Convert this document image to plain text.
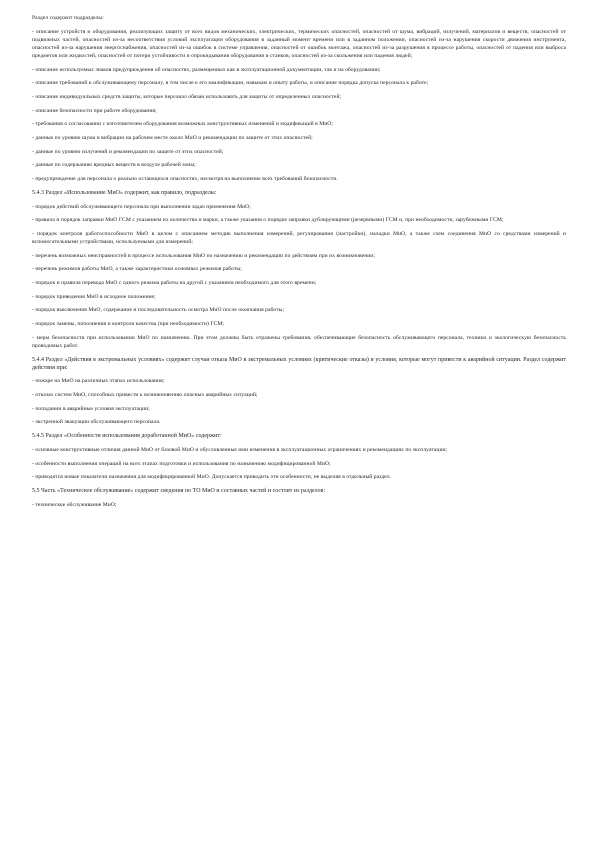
Раздел содержит подразделы:

- описание устройств и оборудования, реализующих защиту от всех видов механических, электрических, термических опасностей, опасностей от шума, вибраций, излучений, материалов и веществ, опасностей от подвижных частей, опасностей из-за несоответствия условий эксплуатации оборудования в заданный момент времени или в заданном положении, опасностей из-за нарушения скорости движения инструмента, опасностей из-за нарушения энергоснабжения, опасностей из-за ошибок в системе управления, опасностей от ошибок монтажа, опасностей из-за разрушения в процессе работы, опасностей от падения или выброса предметов или жидкостей, опасностей от потери устойчивости и опрокидывания оборудования и станков, опасностей из-за скольжения или падения людей;

- описание используемых знаков предупреждения об опасностях, размещенных как в эксплуатационной документации, так и на оборудовании;

- описание требований к обслуживающему персоналу, в том числе к его квалификации, навыкам и опыту работы, и описание порядка допуска персонала к работе;

- описание индивидуальных средств защиты, которые персонал обязан использовать для защиты от определенных опасностей;

- описание безопасности при работе оборудования;

- требования о согласовании с изготовителем оборудования возможных конструктивных изменений и модификаций в МиО;

- данные по уровню шума и вибрации на рабочем месте около МиО и рекомендации по защите от этих опасностей;

- данные по уровню излучений и рекомендации по защите от этих опасностей;

- данные по содержанию вредных веществ в воздухе рабочей зоны;

- предупреждение для персонала о реально остающихся опасностях, несмотря на выполнение всех требований безопасности.

5.4.3 Раздел «Использование МиО» содержит, как правило, подразделы:

- порядок действий обслуживающего персонала при выполнении задач применения МиО;

- правила и порядок заправки МиО ГСМ с указанием их количества и марки, а также указания о порядке заправки дублирующими (резервными) ГСМ и, при необходимости, зарубежными ГСМ;

- порядок контроля работоспособности МиО в целом с описанием методик выполнения измерений, регулирования (настройки), наладки МиО, а также схем соединения МиО со средствами измерений и вспомогательными устройствами, используемыми для измерений;

- перечень возможных неисправностей в процессе использования МиО по назначению и рекомендации по действиям при их возникновении;

- перечень режимов работы МиО, а также характеристики основных режимов работы;

- порядок и правила перевода МиО с одного режима работы на другой с указанием необходимого для этого времени;

- порядок приведения МиО в исходное положение;

- порядок выключения МиО, содержание и последовательность осмотра МиО после окончания работы;

- порядок замены, пополнения и контроля качества (при необходимости) ГСМ;

- меры безопасности при использовании МиО по назначению. При этом должны быть отражены требования, обеспечивающие безопасность обслуживающего персонала, техники и экологическую безопасность проводимых работ.

5.4.4 Раздел «Действия в экстремальных условиях» содержит случаи отказа МиО в экстремальных условиях (критические отказы) и условия, которые могут привести к аварийной ситуации. Раздел содержит действия при:

- пожаре на МиО на различных этапах использования;

- отказах систем МиО, способных привести к возникновению опасных аварийных ситуаций;

- попадании в аварийные условия эксплуатации;

- экстренной эвакуации обслуживающего персонала.

5.4.5 Раздел «Особенности использования доработанной МиО» содержит:

- основные конструктивные отличия данной МиО от базовой МиО и обусловленные ими изменения в эксплуатационных ограничениях и рекомендациях по эксплуатации;

- особенности выполнения операций на всех этапах подготовки и использования по назначению модифицированной МиО;

- приводятся новые показатели назначения для модифицированной МиО. Допускается приводить эти особенности, не выделяя в отдельный раздел.

5.5 Часть «Техническое обслуживание» содержит сведения по ТО МиО и составных частей и состоит из разделов:

- техническое обслуживание МиО;
